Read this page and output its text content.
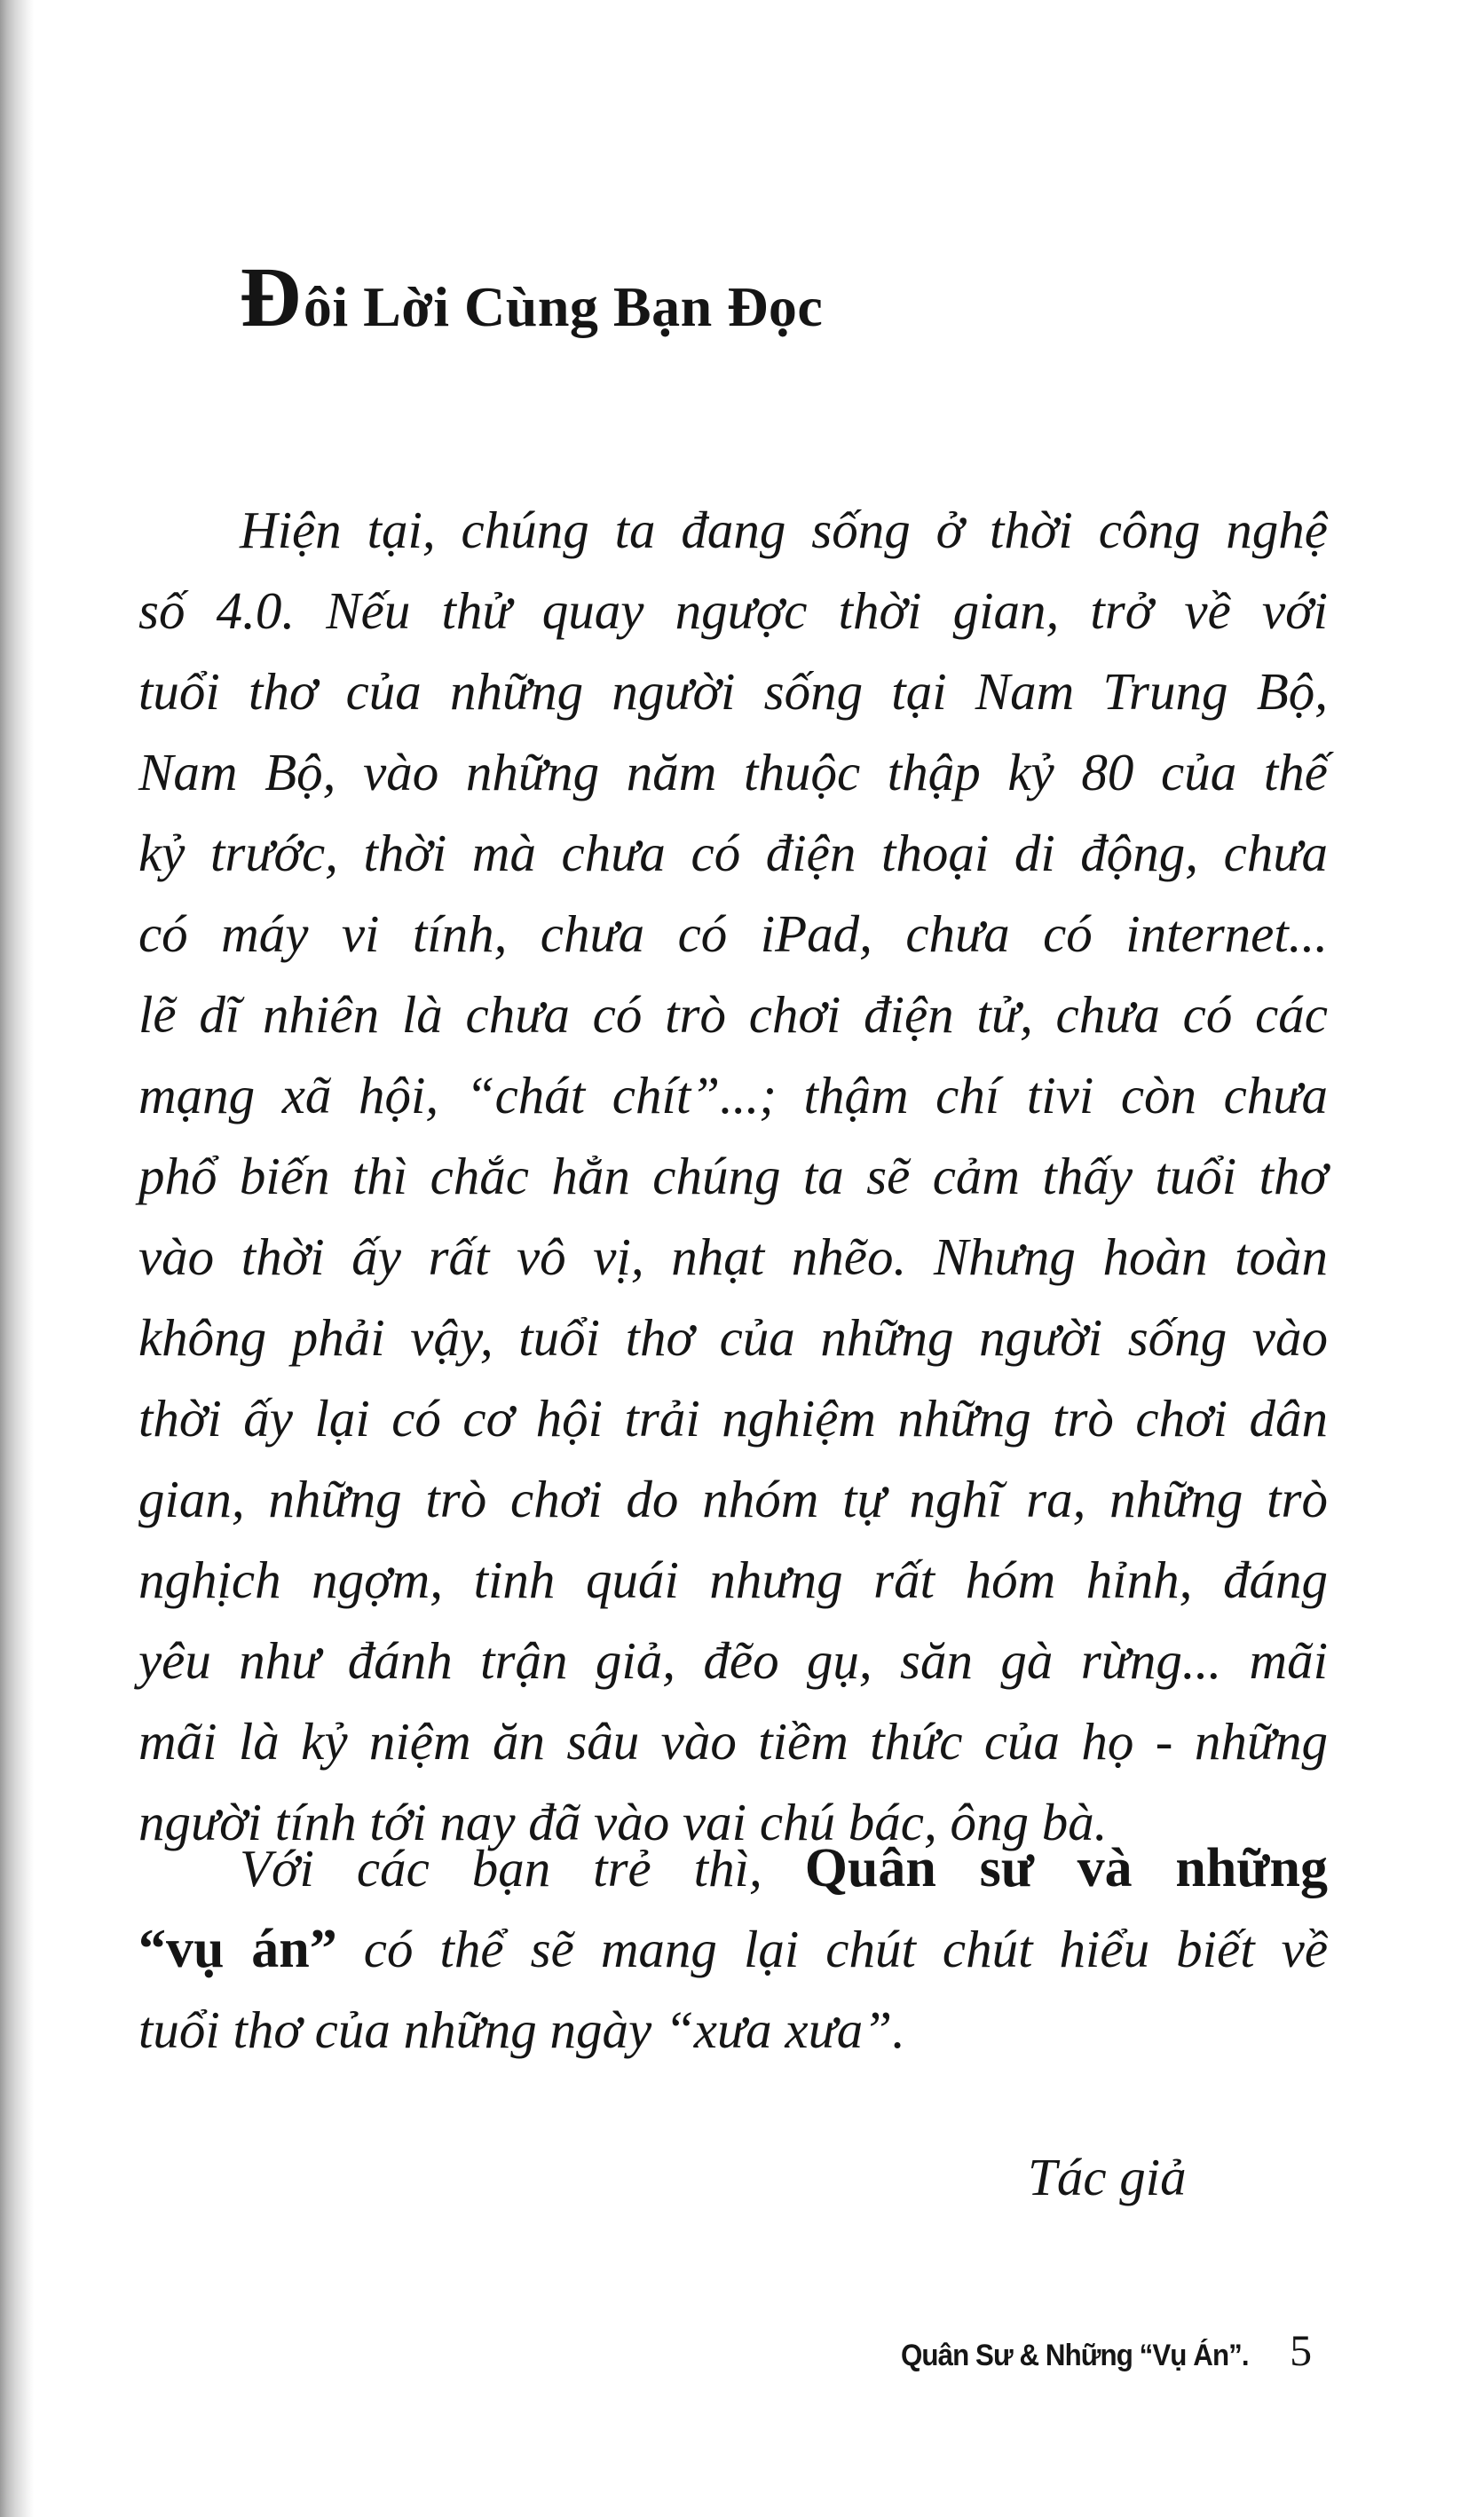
Đôi Lời Cùng Bạn Đọc
Hiện tại, chúng ta đang sống ở thời công nghệ
số 4.0. Nếu thử quay ngược thời gian, trở về với
tuổi thơ của những người sống tại Nam Trung Bộ,
Nam Bộ, vào những năm thuộc thập kỷ 80 của thế
kỷ trước, thời mà chưa có điện thoại di động, chưa
có máy vi tính, chưa có iPad, chưa có internet...
lẽ dĩ nhiên là chưa có trò chơi điện tử, chưa có các
mạng xã hội, “chát chít”...; thậm chí tivi còn chưa
phổ biến thì chắc hẳn chúng ta sẽ cảm thấy tuổi thơ
vào thời ấy rất vô vị, nhạt nhẽo. Nhưng hoàn toàn
không phải vậy, tuổi thơ của những người sống vào
thời ấy lại có cơ hội trải nghiệm những trò chơi dân
gian, những trò chơi do nhóm tự nghĩ ra, những trò
nghịch ngợm, tinh quái nhưng rất hóm hỉnh, đáng
yêu như đánh trận giả, đẽo gụ, săn gà rừng... mãi
mãi là kỷ niệm ăn sâu vào tiềm thức của họ - những
người tính tới nay đã vào vai chú bác, ông bà.
Với các bạn trẻ thì, Quân sư và những
“vụ án” có thể sẽ mang lại chút chút hiểu biết về
tuổi thơ của những ngày “xưa xưa”.

Tác giả

Quân Sư & Những “Vụ Án”. 5
